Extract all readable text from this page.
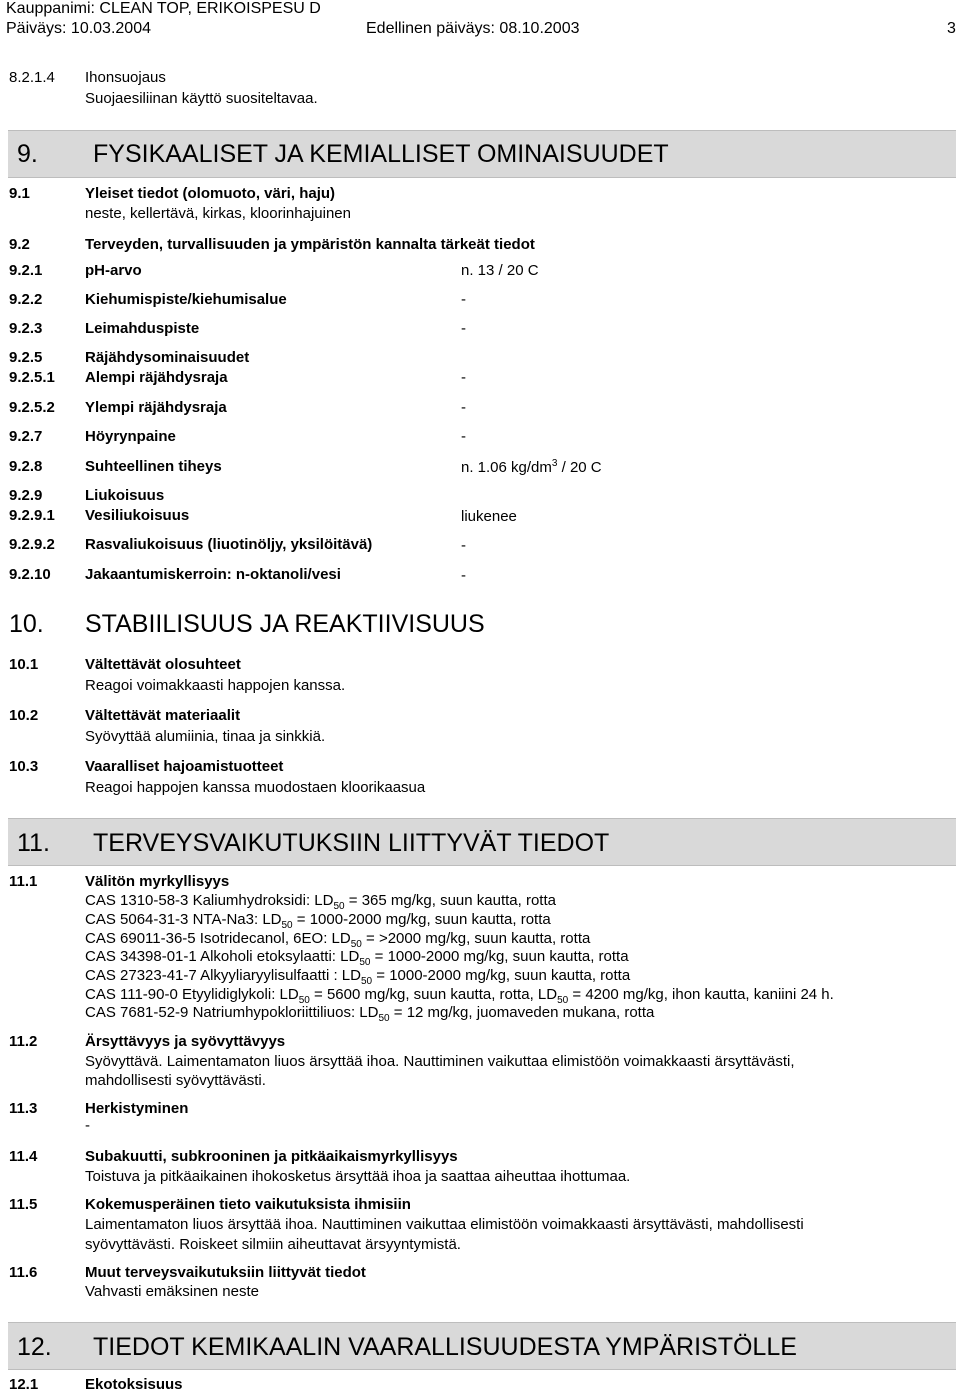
Kauppanimi: CLEAN TOP, ERIKOISPESU D
Päiväys: 10.03.2004	Edellinen päiväys: 08.10.2003	3
8.2.1.4 Ihonsuojaus
Suojaesiliinan käyttö suositeltavaa.
9. FYSIKAALISET JA KEMIALLISET OMINAISUUDET
9.1	Yleiset tiedot (olomuoto, väri, haju)
neste, kellertävä, kirkas, kloorinhajuinen
9.2	Terveyden, turvallisuuden ja ympäristön kannalta tärkeät tiedot
9.2.1	pH-arvo	n. 13 / 20 C
9.2.2	Kiehumispiste/kiehumisalue	-
9.2.3	Leimahduspiste	-
9.2.5	Räjähdysominaisuudet
9.2.5.1 Alempi räjähdysraja	-
9.2.5.2 Ylempi räjähdysraja	-
9.2.7	Höyrynpaine	-
9.2.8	Suhteellinen tiheys	n. 1.06 $kg/dm^3 / 20$ C
9.2.9	Liukoisuus
9.2.9.1 Vesiliukoisuus	liukenee
9.2.9.2 Rasvaliukoisuus (liuotinöljy, yksilöitävä)	-
9.2.10 Jakaantumiskerroin: n-oktanoli/vesi	-
10. STABIILISUUS JA REAKTIIVISUUS
10.1	Vältettävät olosuhteet
Reagoi voimakkaasti happojen kanssa.
10.2	Vältettävät materiaalit
Syövyttää alumiinia, tinaa ja sinkkiä.
10.3	Vaaralliset hajoamistuotteet
Reagoi happojen kanssa muodostaen kloorikaasua
11. TERVEYSVAIKUTUKSIIN LIITTYVÄT TIEDOT
11.1	Välitön myrkyllisyys
CAS 1310-58-3 Kaliumhydroksidi: $LD_{50} = 365$ mg/kg, suun kautta, rotta
CAS 5064-31-3 NTA-Na3: $LD_{50} = 1000-2000$ mg/kg, suun kautta, rotta
CAS 69011-36-5 Isotridecanol, 6EO: $LD_{50} = >2000$ mg/kg, suun kautta, rotta
CAS 34398-01-1 Alkoholi etoksylaatti: $LD_{50} = 1000-2000$ mg/kg, suun kautta, rotta
CAS 27323-41-7 Alkyyliaryylisulfaatti : $LD_{50} = 1000-2000$ mg/kg, suun kautta, rotta
CAS 111-90-0 Etyylidiglykoli: $LD_{50} = 5600$ mg/kg, suun kautta, rotta, $LD_{50} = 4200$ mg/kg, ihon kautta, kaniini 24 h.
CAS 7681-52-9 Natriumhypokloriittiliuos: $LD_{50} = 12$ mg/kg, juomaveden mukana, rotta
11.2	Ärsyttävyys ja syövyttävyys
Syövyttävä. Laimentamaton liuos ärsyttää ihoa. Nauttiminen vaikuttaa elimistöön voimakkaasti ärsyttävästi,
mahdollisesti syövyttävästi.
11.3	Herkistyminen
-
11.4	Subakuutti, subkrooninen ja pitkäaikaismyrkyllisyys
Toistuva ja pitkäaikainen ihokosketus ärsyttää ihoa ja saattaa aiheuttaa ihottumaa.
11.5	Kokemusperäinen tieto vaikutuksista ihmisiin
Laimentamaton liuos ärsyttää ihoa. Nauttiminen vaikuttaa elimistöön voimakkaasti ärsyttävästi, mahdollisesti
syövyttävästi. Roiskeet silmiin aiheuttavat ärsyyntymistä.
11.6	Muut terveysvaikutuksiin liittyvät tiedot
Vahvasti emäksinen neste
12. TIEDOT KEMIKAALIN VAARALLISUUDESTA YMPÄRISTÖLLE
12.1	Ekotoksisuus
